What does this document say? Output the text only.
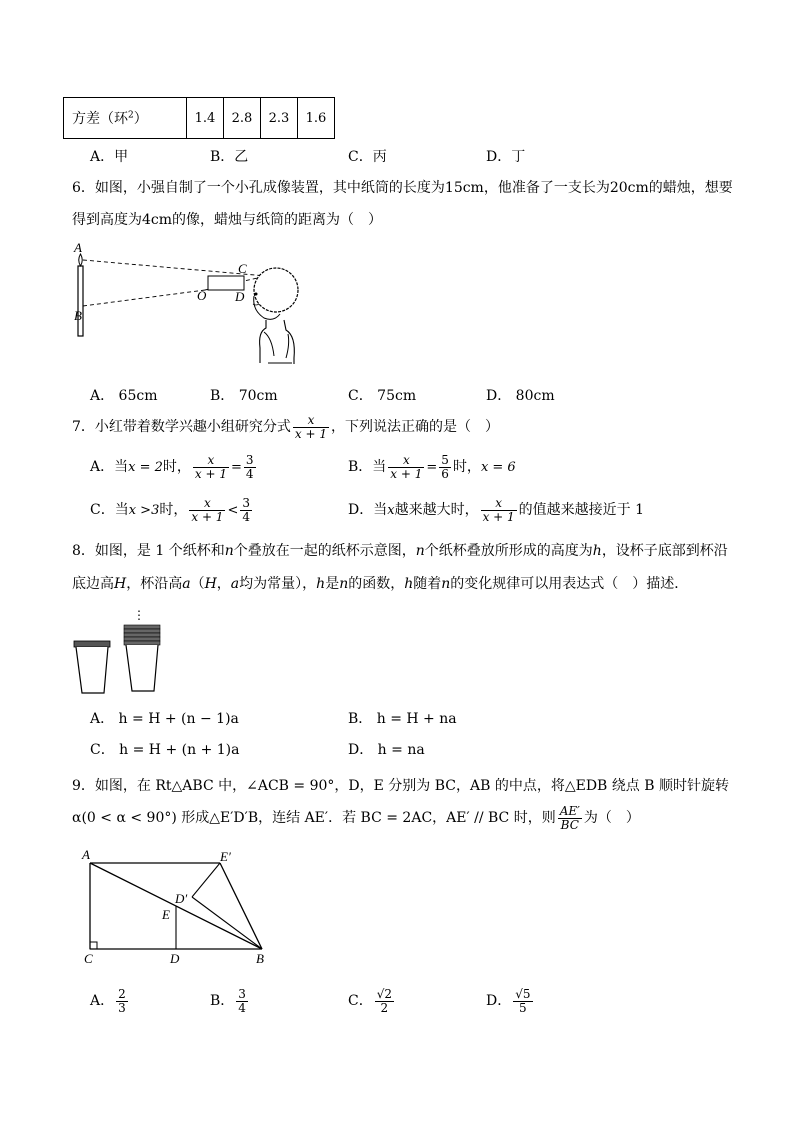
方差（环$^2$）	1.4	2.8	2.3	1.6
A．甲	B．乙	C．丙	D．丁
6．如图，小强自制了一个小孔成像装置，其中纸筒的长度为15cm，他准备了一支长为20cm的蜡烛，想要
得到高度为4cm的像，蜡烛与纸筒的距离为（　）
A
B
O
C
D
A． 65cm	B． 70cm	C． 75cm	D． 80cm
7．小红带着数学兴趣小组研究分式 $\frac{x}{x + 1}$ ，下列说法正确的是（　）
A．当x = 2时， $\frac{x}{x + 1} = \frac{3}{4}$	B．当 $\frac{x}{x + 1} = \frac{5}{6}$ 时，x = 6
C．当x >3时， $\frac{x}{x + 1} < \frac{3}{4}$	D．当x越来越大时， $\frac{x}{x + 1}$ 的值越来越接近于 1
8．如图，是 1 个纸杯和n个叠放在一起的纸杯示意图，n个纸杯叠放所形成的高度为h，设杯子底部到杯沿
底边高H，杯沿高a（H，a均为常量），h是n的函数，h随着n的变化规律可以用表达式（　）描述．
⋮
A． h = H + (n − 1)a	B． h = H + na
C． h = H + (n + 1)a	D． h = na
9．如图，在 Rt△ABC 中，∠ACB = 90°，D，E 分别为 BC，AB 的中点，将△EDB 绕点 B 顺时针旋转
α(0 < α < 90°) 形成△E′D′B，连结 AE′．若 BC = 2AC，AE′ // BC 时，则 $\frac{AE'}{BC}$ 为（　）
A	E′
D′
E
C	D	B
A． $\frac{2}{3}$	B． $\frac{3}{4}$	C． $\frac{√2}{2}$	D． $\frac{√5}{5}$
